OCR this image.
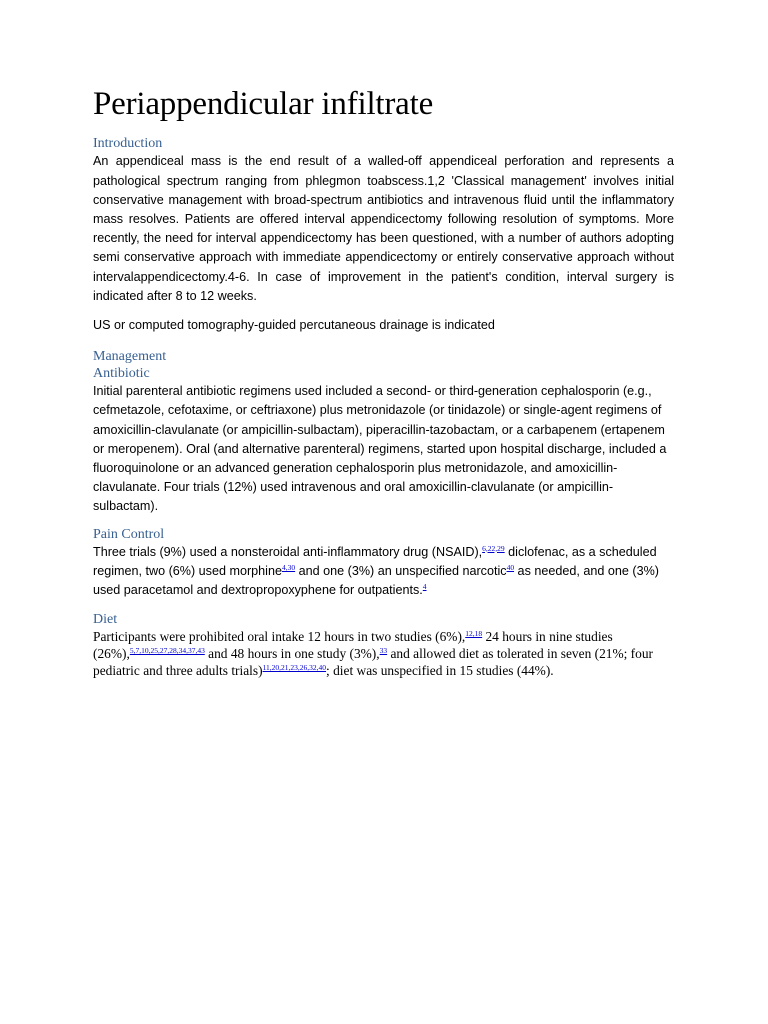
Periappendicular infiltrate
Introduction

An appendiceal mass is the end result of a walled-off appendiceal perforation and represents a pathological spectrum ranging from phlegmon toabscess.1,2 'Classical management' involves initial conservative management with broad-spectrum antibiotics and intravenous fluid until the inflammatory mass resolves. Patients are offered interval appendicectomy following resolution of symptoms. More recently, the need for interval appendicectomy has been questioned, with a number of authors adopting semi conservative approach with immediate appendicectomy or entirely conservative approach without intervalappendicectomy.4-6. In case of improvement in the patient's condition, interval surgery is indicated after 8 to 12 weeks.

US or computed tomography-guided percutaneous drainage is indicated

Management
Antibiotic

Initial parenteral antibiotic regimens used included a second- or third-generation cephalosporin (e.g., cefmetazole, cefotaxime, or ceftriaxone) plus metronidazole (or tinidazole) or single-agent regimens of amoxicillin-clavulanate (or ampicillin-sulbactam), piperacillin-tazobactam, or a carbapenem (ertapenem or meropenem). Oral (and alternative parenteral) regimens, started upon hospital discharge, included a fluoroquinolone or an advanced generation cephalosporin plus metronidazole, and amoxicillin-clavulanate. Four trials (12%) used intravenous and oral amoxicillin-clavulanate (or ampicillin-sulbactam).

Pain Control

Three trials (9%) used a nonsteroidal anti-inflammatory drug (NSAID),$^{6,22,29}$ diclofenac, as a scheduled regimen, two (6%) used morphine$^{4,30}$ and one (3%) an unspecified narcotic$^{40}$ as needed, and one (3%) used paracetamol and dextropropoxyphene for outpatients.$^4$

Diet

Participants were prohibited oral intake 12 hours in two studies (6%),$^{12,18}$ 24 hours in nine studies (26%),$^{5,7,10,25,27,28,34,37,43}$ and 48 hours in one study (3%),$^{33}$ and allowed diet as tolerated in seven (21%; four pediatric and three adults trials)$^{11,20,21,23,26,32,40}$; diet was unspecified in 15 studies (44%).
